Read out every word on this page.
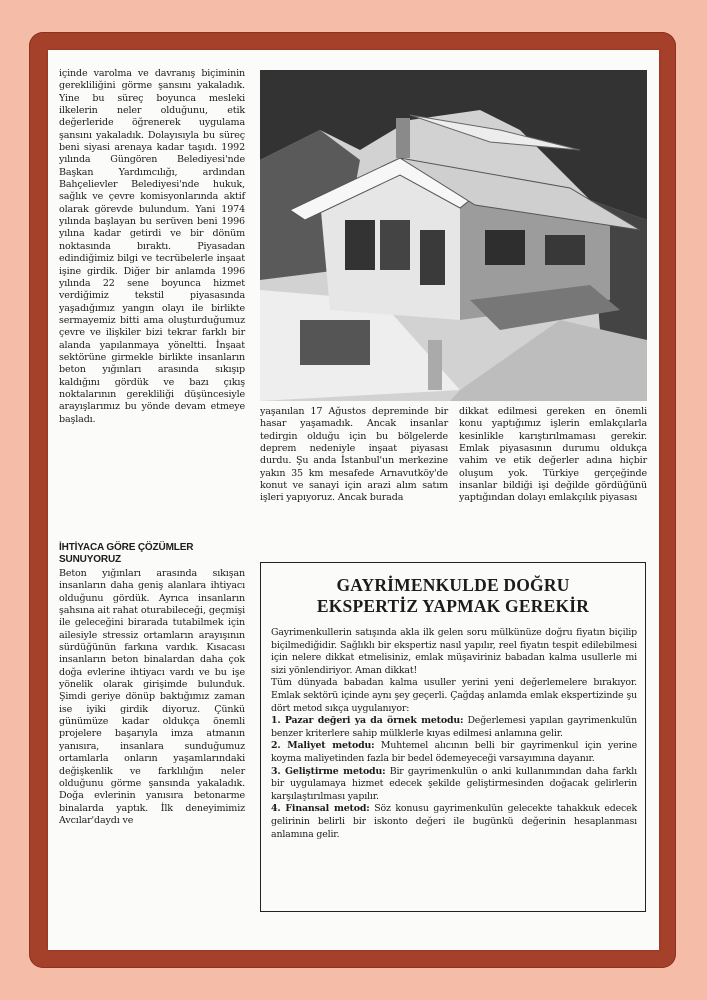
içinde varolma ve davranış biçiminin gerekliliğini görme şansını yakaladık. Yine bu süreç boyunca mesleki ilkelerin neler olduğunu, etik değerleride öğrenerek uygulama şansını yakaladık. Dolayısıyla bu süreç beni siyasi arenaya kadar taşıdı. 1992 yılında Güngören Belediyesi'nde Başkan Yardımcılığı, ardından Bahçelievler Belediyesi'nde hukuk, sağlık ve çevre komisyonlarında aktif olarak görevde bulundum. Yani 1974 yılında başlayan bu serüven beni 1996 yılına kadar getirdi ve bir dönüm noktasında bıraktı. Piyasadan edindiğimiz bilgi ve tecrübelerle inşaat işine girdik. Diğer bir anlamda 1996 yılında 22 sene boyunca hizmet verdiğimiz tekstil piyasasında yaşadığımız yangın olayı ile birlikte sermayemiz bitti ama oluşturduğumuz çevre ve ilişkiler bizi tekrar farklı bir alanda yapılanmaya yöneltti. İnşaat sektörüne girmekle birlikte insanların beton yığınları arasında sıkışıp kaldığını gördük ve bazı çıkış noktalarının gerekliliği düşüncesiyle arayışlarımız bu yönde devam etmeye başladı.

İHTİYACA GÖRE ÇÖZÜMLER SUNUYORUZ

Beton yığınları arasında sıkışan insanların daha geniş alanlara ihtiyacı olduğunu gördük. Ayrıca insanların şahsına ait rahat oturabileceği, geçmişi ile geleceğini birarada tutabilmek için ailesiyle stressiz ortamların arayışının sürdüğünün farkına vardık. Kısacası insanların beton binalardan daha çok doğa evlerine ihtiyacı vardı ve bu işe yönelik olarak girişimde bulunduk. Şimdi geriye dönüp baktığımız zaman ise iyiki girdik diyoruz. Çünkü günümüze kadar oldukça önemli projelere başarıyla imza atmanın yanısıra, insanlara sunduğumuz ortamlarla onların yaşamlarındaki değişkenlik ve farklılığın neler olduğunu görme şansında yakaladık. Doğa evlerinin yanısıra betonarme binalarda yaptık. İlk deneyimimiz Avcılar'daydı ve

yaşanılan 17 Ağustos depreminde bir hasar yaşamadık. Ancak insanlar tedirgin olduğu için bu bölgelerde deprem nedeniyle inşaat piyasası durdu. Şu anda İstanbul'un merkezine yakın 35 km mesafede Arnavutköy'de konut ve sanayi için arazi alım satım işleri yapıyoruz. Ancak burada

dikkat edilmesi gereken en önemli konu yaptığımız işlerin emlakçılarla kesinlikle karıştırılmaması gerekir. Emlak piyasasının durumu oldukça vahim ve etik değerler adına hiçbir oluşum yok. Türkiye gerçeğinde insanlar bildiği işi değilde gördüğünü yaptığından dolayı emlakçılık piyasası

GAYRİMENKULDE DOĞRU
EKSPERTİZ YAPMAK GEREKİR

Gayrimenkullerin satışında akla ilk gelen soru mülkünüze doğru fiyatın biçilip biçilmediğidir. Sağlıklı bir ekspertiz nasıl yapılır, reel fiyatın tespit edilebilmesi için nelere dikkat etmelisiniz, emlak müşaviriniz babadan kalma usullerle mi sizi yönlendiriyor. Aman dikkat!

Tüm dünyada babadan kalma usuller yerini yeni değerlemelere bırakıyor. Emlak sektörü içinde aynı şey geçerli. Çağdaş anlamda emlak ekspertizinde şu dört metod sıkça uygulanıyor:

1. Pazar değeri ya da örnek metodu: Değerlemesi yapılan gayrimenkulün benzer kriterlere sahip mülklerle kıyas edilmesi anlamına gelir.

2. Maliyet metodu: Muhtemel alıcının belli bir gayrimenkul için yerine koyma maliyetinden fazla bir bedel ödemeyeceği varsayımına dayanır.

3. Geliştirme metodu: Bir gayrimenkulün o anki kullanımından daha farklı bir uygulamaya hizmet edecek şekilde geliştirmesinden doğacak gelirlerin karşılaştırılması yapılır.

4. Finansal metod: Söz konusu gayrimenkulün gelecekte tahakkuk edecek gelirinin belirli bir iskonto değeri ile bugünkü değerinin hesaplanması anlamına gelir.
